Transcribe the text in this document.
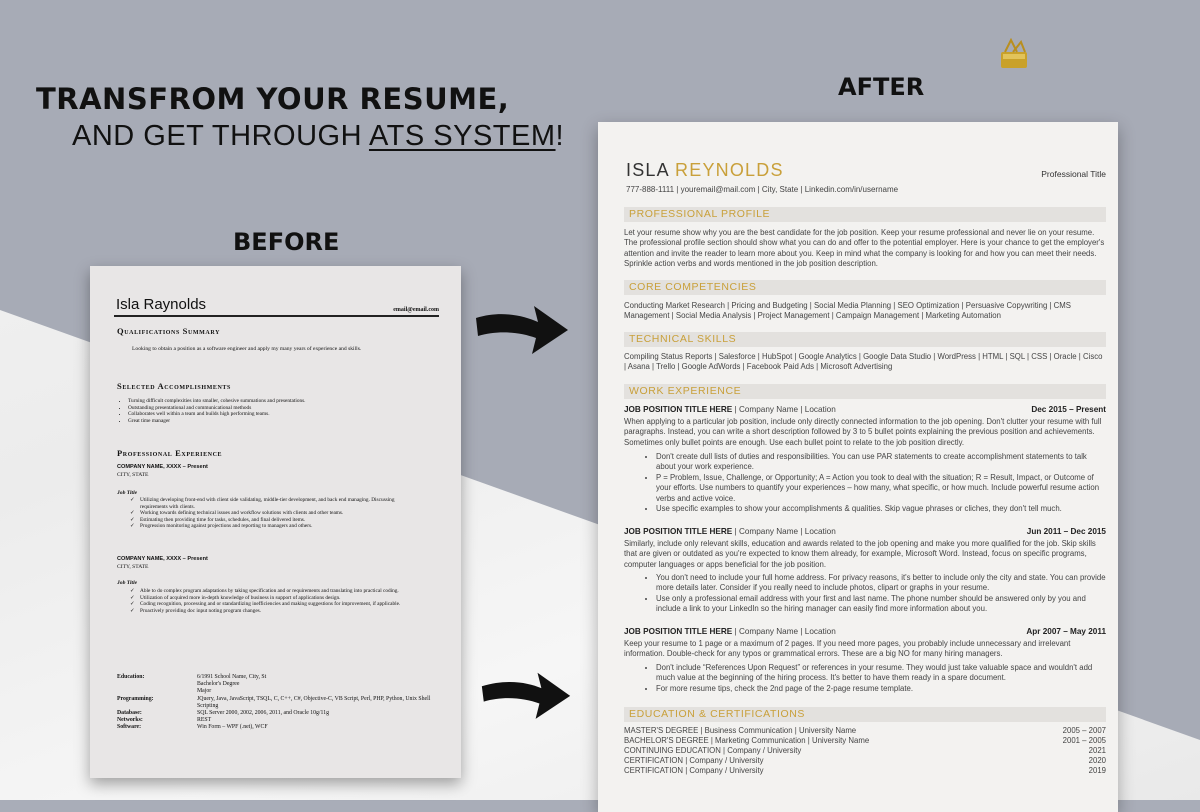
TRANSFROM YOUR RESUME,
AND GET THROUGH ATS SYSTEM!
BEFORE
AFTER
Isla Raynolds	email@email.com
Qualifications Summary
Looking to obtain a position as a software engineer and apply my many years of experience and skills.
Selected Accomplishments
• Turning difficult complexities into smaller, cohesive summations and presentations.
• Outstanding presentational and communicational methods
• Collaborates well within a team and builds high performing teams.
• Great time manager
Professional Experience
COMPANY NAME, XXXX – Present
CITY, STATE
Job Title
✓ Utilizing developing front-end with client side validating, middle-tier development, and back end managing. Discussing requirements with clients.
✓ Working towards defining technical issues and workflow solutions with clients and other teams.
✓ Estimating then providing time for tasks, schedules, and final delivered items.
✓ Progression monitoring against projections and reporting to managers and others.
COMPANY NAME, XXXX – Present
CITY, STATE
Job Title
✓ Able to do complex program adaptations by taking specification and or requirements and translating into practical coding.
✓ Utilization of acquired more in-depth knowledge of business in support of applications design.
✓ Coding recognition, processing and or standardizing inefficiencies and making suggestions for improvement, if applicable.
✓ Proactively providing doc input noting program changes.
Education:	6/1991 School Name, City, St
Bachelor's Degree
Major
Programming:	JQuery, Java, JavaScript, TSQL, C, C++, C#, Objective-C, VB Script, Perl, PHP, Python, Unix Shell Scripting
Database:	SQL Server 2000, 2002, 2006, 2011, and Oracle 10g/11g
Networks:	REST
Software:	Win Form – WPF (.net), WCF
ISLA REYNOLDS	Professional Title
777-888-1111 | youremail@mail.com | City, State | Linkedin.com/in/username
PROFESSIONAL PROFILE
Let your resume show why you are the best candidate for the job position. Keep your resume professional and never lie on your resume. The professional profile section should show what you can do and offer to the potential employer. Here is your chance to get the employer's attention and invite the reader to learn more about you. Keep in mind what the company is looking for and how you can meet their needs. Sprinkle action verbs and words mentioned in the job position description.
CORE COMPETENCIES
Conducting Market Research | Pricing and Budgeting | Social Media Planning | SEO Optimization | Persuasive Copywriting | CMS Management | Social Media Analysis | Project Management | Campaign Management | Marketing Automation
TECHNICAL SKILLS
Compiling Status Reports | Salesforce | HubSpot | Google Analytics | Google Data Studio | WordPress | HTML | SQL | CSS | Oracle | Cisco | Asana | Trello | Google AdWords | Facebook Paid Ads | Microsoft Advertising
WORK EXPERIENCE
JOB POSITION TITLE HERE | Company Name | Location	Dec 2015 – Present
When applying to a particular job position, include only directly connected information to the job opening. Don't clutter your resume with full paragraphs. Instead, you can write a short description followed by 3 to 5 bullet points explaining the previous position and achievements. Sometimes only bullet points are enough. Use each bullet point to relate to the job position directly.
• Don't create dull lists of duties and responsibilities. You can use PAR statements to create accomplishment statements to talk about your work experience.
• P = Problem, Issue, Challenge, or Opportunity; A = Action you took to deal with the situation; R = Result, Impact, or Outcome of your efforts. Use numbers to quantify your experiences – how many, what specific, or how much. Include powerful resume action verbs and active voice.
• Use specific examples to show your accomplishments & qualities. Skip vague phrases or cliches, they don't tell much.
JOB POSITION TITLE HERE | Company Name | Location	Jun 2011 – Dec 2015
Similarly, include only relevant skills, education and awards related to the job opening and make you more qualified for the job. Skip skills that are given or outdated as you're expected to know them already, for example, Microsoft Word. Instead, focus on specific programs, computer languages or apps beneficial for the job position.
• You don't need to include your full home address. For privacy reasons, it's better to include only the city and state. You can provide more details later. Consider if you really need to include photos, clipart or graphs in your resume.
• Use only a professional email address with your first and last name. The phone number should be answered only by you and include a link to your LinkedIn so the hiring manager can easily find more information about you.
JOB POSITION TITLE HERE | Company Name | Location	Apr 2007 – May 2011
Keep your resume to 1 page or a maximum of 2 pages. If you need more pages, you probably include unnecessary and irrelevant information. Double-check for any typos or grammatical errors. These are a big NO for many hiring managers.
• Don't include “References Upon Request” or references in your resume. They would just take valuable space and wouldn't add much value at the beginning of the hiring process. It's better to have them ready in a spare document.
• For more resume tips, check the 2nd page of the 2-page resume template.
EDUCATION & CERTIFICATIONS
MASTER'S DEGREE | Business Communication | University Name	2005 – 2007
BACHELOR'S DEGREE | Marketing Communication | University Name	2001 – 2005
CONTINUING EDUCATION | Company / University	2021
CERTIFICATION | Company / University	2020
CERTIFICATION | Company / University	2019
